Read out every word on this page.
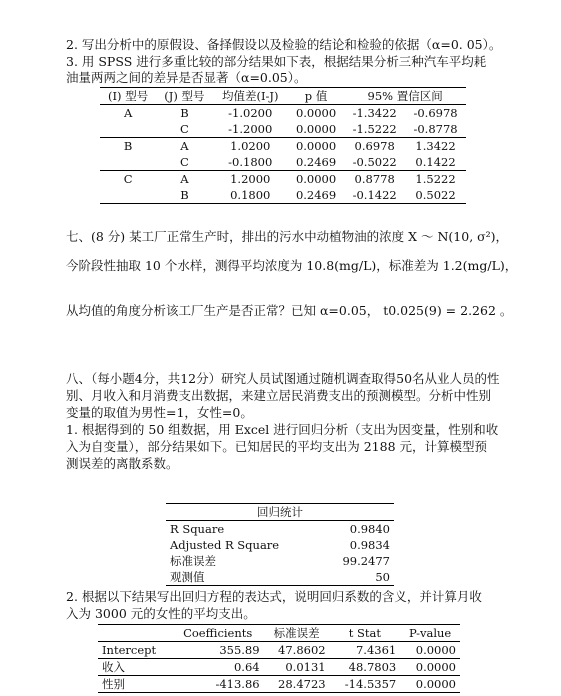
2. 写出分析中的原假设、备择假设以及检验的结论和检验的依据（α=0. 05）。
3. 用 SPSS 进行多重比较的部分结果如下表，根据结果分析三种汽车平均耗
油量两两之间的差异是否显著（α=0.05）。
(I) 型号	(J) 型号	均值差(I-J)	p 值	95% 置信区间	
A	B	-1.0200	0.0000	-1.3422	-0.6978
	C	-1.2000	0.0000	-1.5222	-0.8778
B	A	1.0200	0.0000	0.6978	1.3422
	C	-0.1800	0.2469	-0.5022	0.1422
C	A	1.2000	0.0000	0.8778	1.5222
	B	0.1800	0.2469	-0.1422	0.5022
七、(8 分) 某工厂正常生产时，排出的污水中动植物油的浓度 X ～ N(10, σ²)，
今阶段性抽取 10 个水样，测得平均浓度为 10.8(mg/L)，标准差为 1.2(mg/L)，
从均值的角度分析该工厂生产是否正常？已知 α=0.05， t0.025(9) = 2.262 。
八、（每小题4分，共12分）研究人员试图通过随机调查取得50名从业人员的性
别、月收入和月消费支出数据，来建立居民消费支出的预测模型。分析中性别
变量的取值为男性=1，女性=0。
1. 根据得到的 50 组数据，用 Excel 进行回归分析（支出为因变量，性别和收
入为自变量），部分结果如下。已知居民的平均支出为 2188 元，计算模型预
测误差的离散系数。
回归统计	
R Square	0.9840
Adjusted R Square	0.9834
标准误差	99.2477
观测值	50
2. 根据以下结果写出回归方程的表达式，说明回归系数的含义，并计算月收
入为 3000 元的女性的平均支出。
	Coefficients	标准误差	t Stat	P-value
Intercept	355.89	47.8602	7.4361	0.0000
收入	0.64	0.0131	48.7803	0.0000
性别	-413.86	28.4723	-14.5357	0.0000
